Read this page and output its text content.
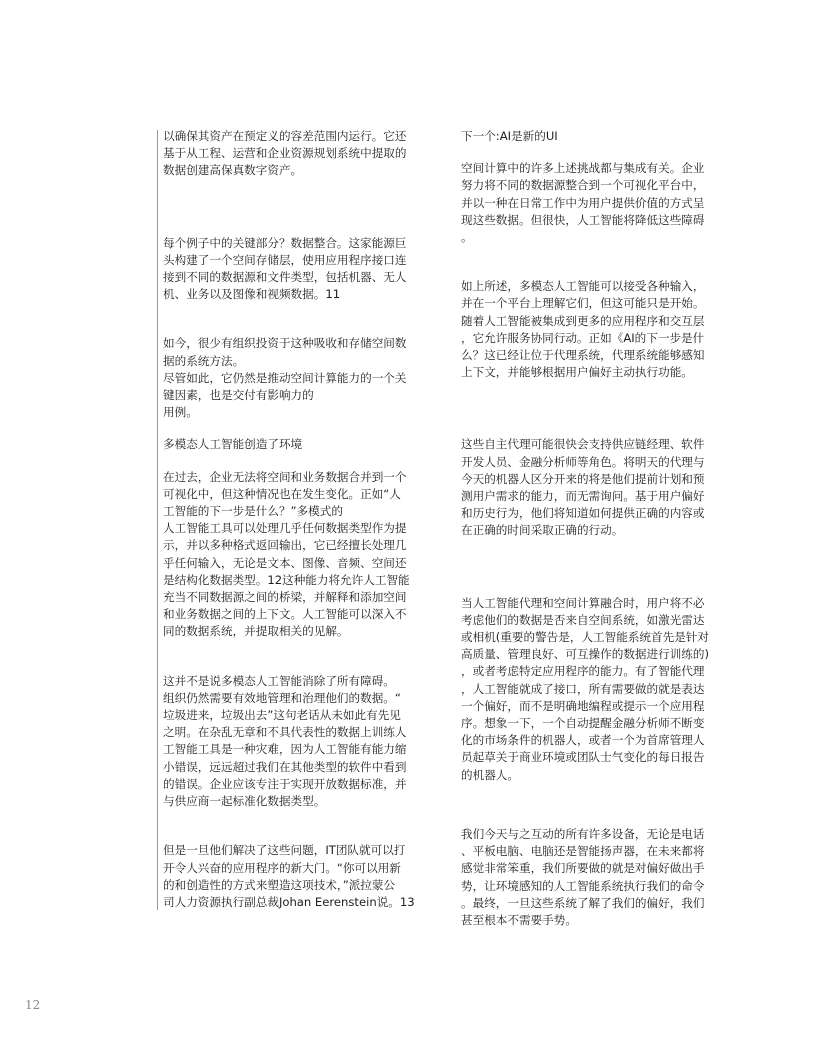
以确保其资产在预定义的容差范围内运行。它还
基于从工程、运营和企业资源规划系统中提取的
数据创建高保真数字资产。

每个例子中的关键部分？数据整合。这家能源巨
头构建了一个空间存储层，使用应用程序接口连
接到不同的数据源和文件类型，包括机器、无人
机、业务以及图像和视频数据。11

如今，很少有组织投资于这种吸收和存储空间数
据的系统方法。
尽管如此，它仍然是推动空间计算能力的一个关
键因素，也是交付有影响力的
用例。

多模态人工智能创造了环境

在过去，企业无法将空间和业务数据合并到一个
可视化中，但这种情况也在发生变化。正如“人
工智能的下一步是什么？”多模式的
人工智能工具可以处理几乎任何数据类型作为提
示，并以多种格式返回输出，它已经擅长处理几
乎任何输入，无论是文本、图像、音频、空间还
是结构化数据类型。12这种能力将允许人工智能
充当不同数据源之间的桥梁，并解释和添加空间
和业务数据之间的上下文。人工智能可以深入不
同的数据系统，并提取相关的见解。

这并不是说多模态人工智能消除了所有障碍。
组织仍然需要有效地管理和治理他们的数据。“
垃圾进来，垃圾出去”这句老话从未如此有先见
之明。在杂乱无章和不具代表性的数据上训练人
工智能工具是一种灾难，因为人工智能有能力缩
小错误，远远超过我们在其他类型的软件中看到
的错误。企业应该专注于实现开放数据标准，并
与供应商一起标准化数据类型。

但是一旦他们解决了这些问题，IT团队就可以打
开令人兴奋的应用程序的新大门。“你可以用新
的和创造性的方式来塑造这项技术，”派拉蒙公
司人力资源执行副总裁Johan Eerenstein说。13

下一个:AI是新的UI

空间计算中的许多上述挑战都与集成有关。企业
努力将不同的数据源整合到一个可视化平台中，
并以一种在日常工作中为用户提供价值的方式呈
现这些数据。但很快，人工智能将降低这些障碍
。

如上所述，多模态人工智能可以接受各种输入，
并在一个平台上理解它们，但这可能只是开始。
随着人工智能被集成到更多的应用程序和交互层
，它允许服务协同行动。正如《AI的下一步是什
么？这已经让位于代理系统，代理系统能够感知
上下文，并能够根据用户偏好主动执行功能。

这些自主代理可能很快会支持供应链经理、软件
开发人员、金融分析师等角色。将明天的代理与
今天的机器人区分开来的将是他们提前计划和预
测用户需求的能力，而无需询问。基于用户偏好
和历史行为，他们将知道如何提供正确的内容或
在正确的时间采取正确的行动。

当人工智能代理和空间计算融合时，用户将不必
考虑他们的数据是否来自空间系统，如激光雷达
或相机(重要的警告是，人工智能系统首先是针对
高质量、管理良好、可互操作的数据进行训练的)
，或者考虑特定应用程序的能力。有了智能代理
，人工智能就成了接口，所有需要做的就是表达
一个偏好，而不是明确地编程或提示一个应用程
序。想象一下，一个自动提醒金融分析师不断变
化的市场条件的机器人，或者一个为首席管理人
员起草关于商业环境或团队士气变化的每日报告
的机器人。

我们今天与之互动的所有许多设备，无论是电话
、平板电脑、电脑还是智能扬声器，在未来都将
感觉非常笨重，我们所要做的就是对偏好做出手
势，让环境感知的人工智能系统执行我们的命令
。最终，一旦这些系统了解了我们的偏好，我们
甚至根本不需要手势。

12
